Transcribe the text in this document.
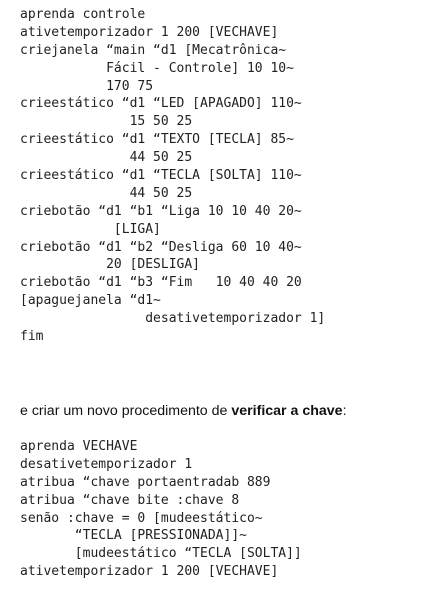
aprenda controle
ativetemporizador 1 200 [VECHAVE]
criejanela “main “d1 [Mecatrônica~
Fácil - Controle] 10 10~
170 75
crieestático “d1 “LED [APAGADO] 110~
15 50 25
crieestático “d1 “TEXTO [TECLA] 85~
44 50 25
crieestático “d1 “TECLA [SOLTA] 110~
44 50 25
criebotão “d1 “b1 “Liga 10 10 40 20~
[LIGA]
criebotão “d1 “b2 “Desliga 60 10 40~
20 [DESLIGA]
criebotão “d1 “b3 “Fim   10 40 40 20
[apaguejanela “d1~
desativetemporizador 1]
fim
e criar um novo procedimento de verificar a chave:
aprenda VECHAVE
desativetemporizador 1
atribua “chave portaentradab 889
atribua “chave bite :chave 8
senão :chave = 0 [mudeestático~
“TECLA [PRESSIONADA]]~
[mudeestático “TECLA [SOLTA]]
ativetemporizador 1 200 [VECHAVE]
